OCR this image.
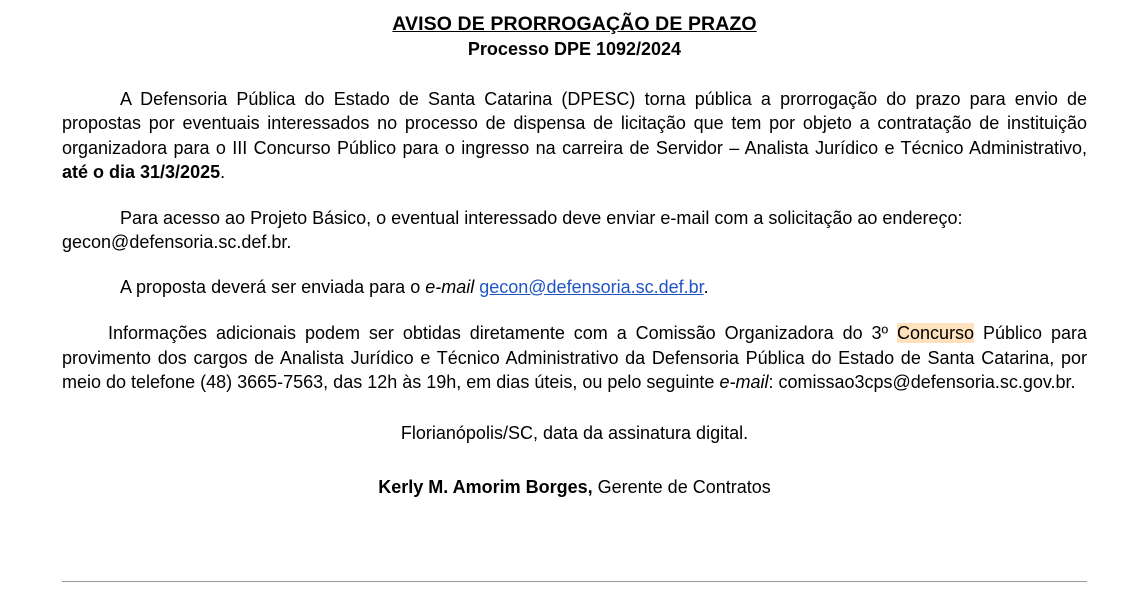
AVISO DE PRORROGAÇÃO DE PRAZO
Processo DPE 1092/2024

A Defensoria Pública do Estado de Santa Catarina (DPESC) torna pública a prorrogação do prazo para envio de propostas por eventuais interessados no processo de dispensa de licitação que tem por objeto a contratação de instituição organizadora para o III Concurso Público para o ingresso na carreira de Servidor – Analista Jurídico e Técnico Administrativo, até o dia 31/3/2025.

Para acesso ao Projeto Básico, o eventual interessado deve enviar e-mail com a solicitação ao endereço: gecon@defensoria.sc.def.br.

A proposta deverá ser enviada para o e-mail gecon@defensoria.sc.def.br.

Informações adicionais podem ser obtidas diretamente com a Comissão Organizadora do 3º Concurso Público para provimento dos cargos de Analista Jurídico e Técnico Administrativo da Defensoria Pública do Estado de Santa Catarina, por meio do telefone (48) 3665-7563, das 12h às 19h, em dias úteis, ou pelo seguinte e-mail: comissao3cps@defensoria.sc.gov.br.

Florianópolis/SC, data da assinatura digital.

Kerly M. Amorim Borges, Gerente de Contratos
